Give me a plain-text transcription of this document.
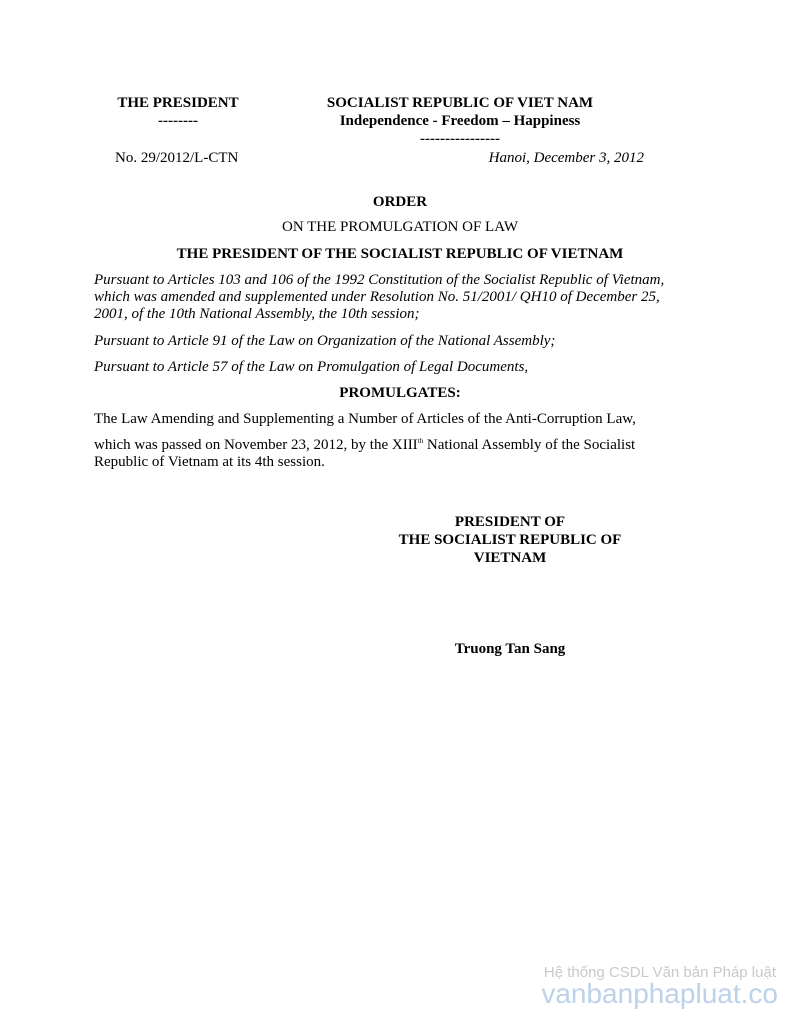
THE PRESIDENT
--------
SOCIALIST REPUBLIC OF VIET NAM
Independence - Freedom – Happiness
----------------
No. 29/2012/L-CTN	Hanoi, December 3, 2012
ORDER
ON THE PROMULGATION OF LAW
THE PRESIDENT OF THE SOCIALIST REPUBLIC OF VIETNAM
Pursuant to Articles 103 and 106 of the 1992 Constitution of the Socialist Republic of Vietnam,
which was amended and supplemented under Resolution No. 51/2001/ QH10 of December 25,
2001, of the 10th National Assembly, the 10th session;
Pursuant to Article 91 of the Law on Organization of the National Assembly;
Pursuant to Article 57 of the Law on Promulgation of Legal Documents,
PROMULGATES:
The Law Amending and Supplementing a Number of Articles of the Anti-Corruption Law,
which was passed on November 23, 2012, by the XIIIth National Assembly of the Socialist
Republic of Vietnam at its 4th session.
PRESIDENT OF
THE SOCIALIST REPUBLIC OF
VIETNAM
Truong Tan Sang
Hệ thống CSDL Văn bản Pháp luật
vanbanphapluat.co
